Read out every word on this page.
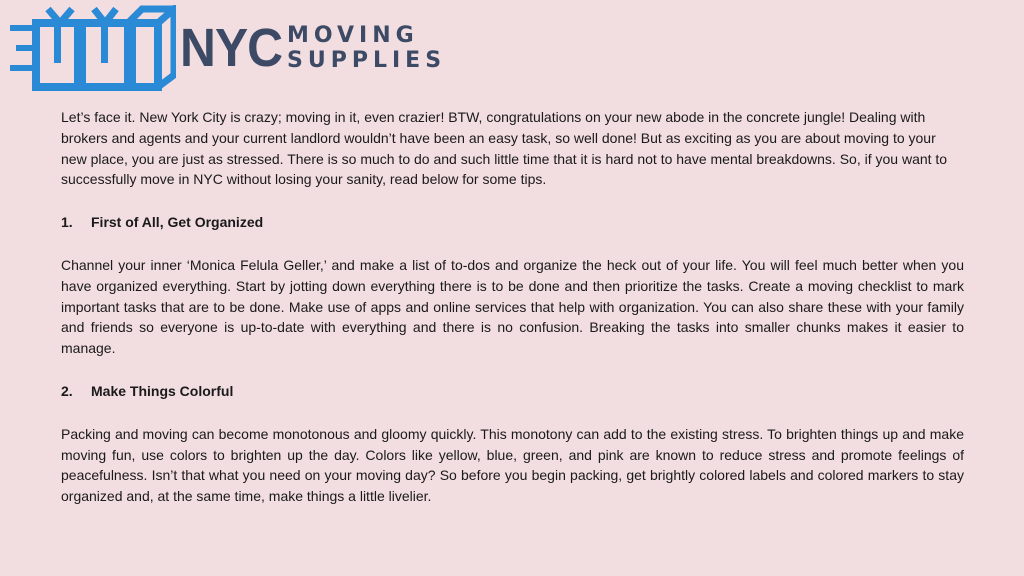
NYC MOVING
SUPPLIES

Let’s face it. New York City is crazy; moving in it, even crazier! BTW, congratulations on your new abode in the concrete jungle! Dealing with brokers and agents and your current landlord wouldn’t have been an easy task, so well done! But as exciting as you are about moving to your new place, you are just as stressed. There is so much to do and such little time that it is hard not to have mental breakdowns. So, if you want to successfully move in NYC without losing your sanity, read below for some tips.

1. First of All, Get Organized

Channel your inner ‘Monica Felula Geller,’ and make a list of to-dos and organize the heck out of your life. You will feel much better when you have organized everything. Start by jotting down everything there is to be done and then prioritize the tasks. Create a moving checklist to mark important tasks that are to be done. Make use of apps and online services that help with organization. You can also share these with your family and friends so everyone is up-to-date with everything and there is no confusion. Breaking the tasks into smaller chunks makes it easier to manage.

2. Make Things Colorful

Packing and moving can become monotonous and gloomy quickly. This monotony can add to the existing stress. To brighten things up and make moving fun, use colors to brighten up the day. Colors like yellow, blue, green, and pink are known to reduce stress and promote feelings of peacefulness. Isn’t that what you need on your moving day? So before you begin packing, get brightly colored labels and colored markers to stay organized and, at the same time, make things a little livelier.
